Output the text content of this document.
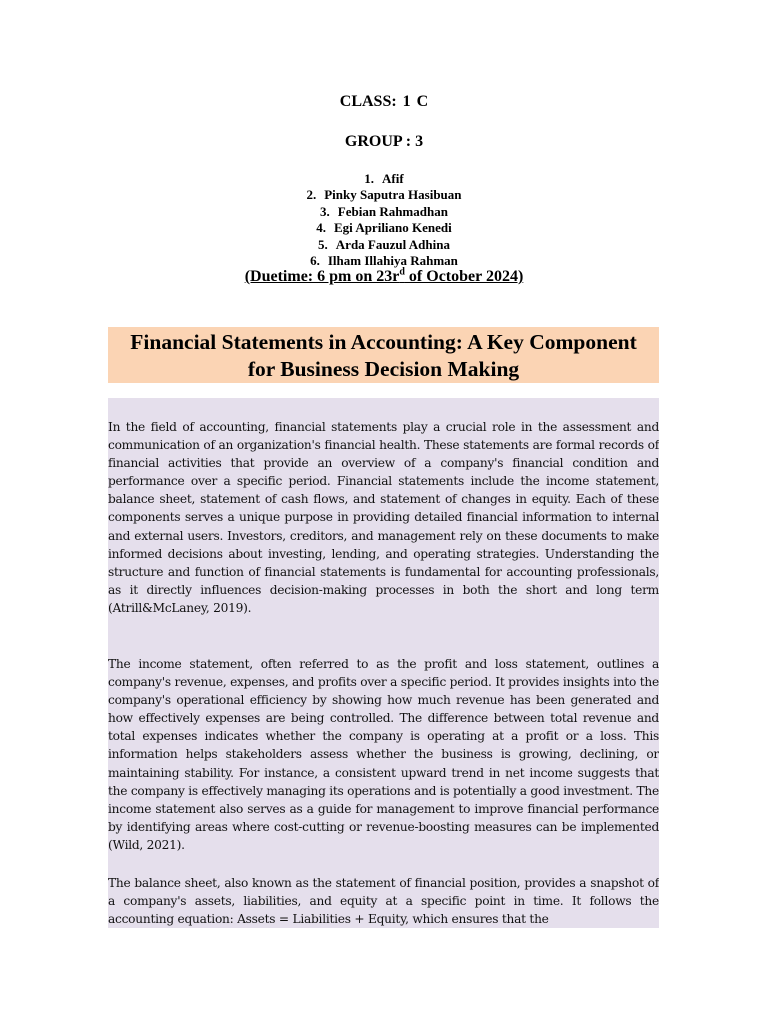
CLASS: 1 C
GROUP : 3
1. Afif
2. Pinky Saputra Hasibuan
3. Febian Rahmadhan
4. Egi Apriliano Kenedi
5. Arda Fauzul Adhina
6. Ilham Illahiya Rahman
(Duetime: 6 pm on $23r^d$ of October 2024)
Financial Statements in Accounting: A Key Component
for Business Decision Making

In the field of accounting, financial statements play a crucial role in the assessment and communication of an organization's financial health. These statements are formal records of financial activities that provide an overview of a company's financial condition and performance over a specific period. Financial statements include the income statement, balance sheet, statement of cash flows, and statement of changes in equity. Each of these components serves a unique purpose in providing detailed financial information to internal and external users. Investors, creditors, and management rely on these documents to make informed decisions about investing, lending, and operating strategies. Understanding the structure and function of financial statements is fundamental for accounting professionals, as it directly influences decision-making processes in both the short and long term (Atrill&McLaney, 2019).

The income statement, often referred to as the profit and loss statement, outlines a company's revenue, expenses, and profits over a specific period. It provides insights into the company's operational efficiency by showing how much revenue has been generated and how effectively expenses are being controlled. The difference between total revenue and total expenses indicates whether the company is operating at a profit or a loss. This information helps stakeholders assess whether the business is growing, declining, or maintaining stability. For instance, a consistent upward trend in net income suggests that the company is effectively managing its operations and is potentially a good investment. The income statement also serves as a guide for management to improve financial performance by identifying areas where cost-cutting or revenue-boosting measures can be implemented (Wild, 2021).

The balance sheet, also known as the statement of financial position, provides a snapshot of a company's assets, liabilities, and equity at a specific point in time. It follows the accounting equation: Assets = Liabilities + Equity, which ensures that the
